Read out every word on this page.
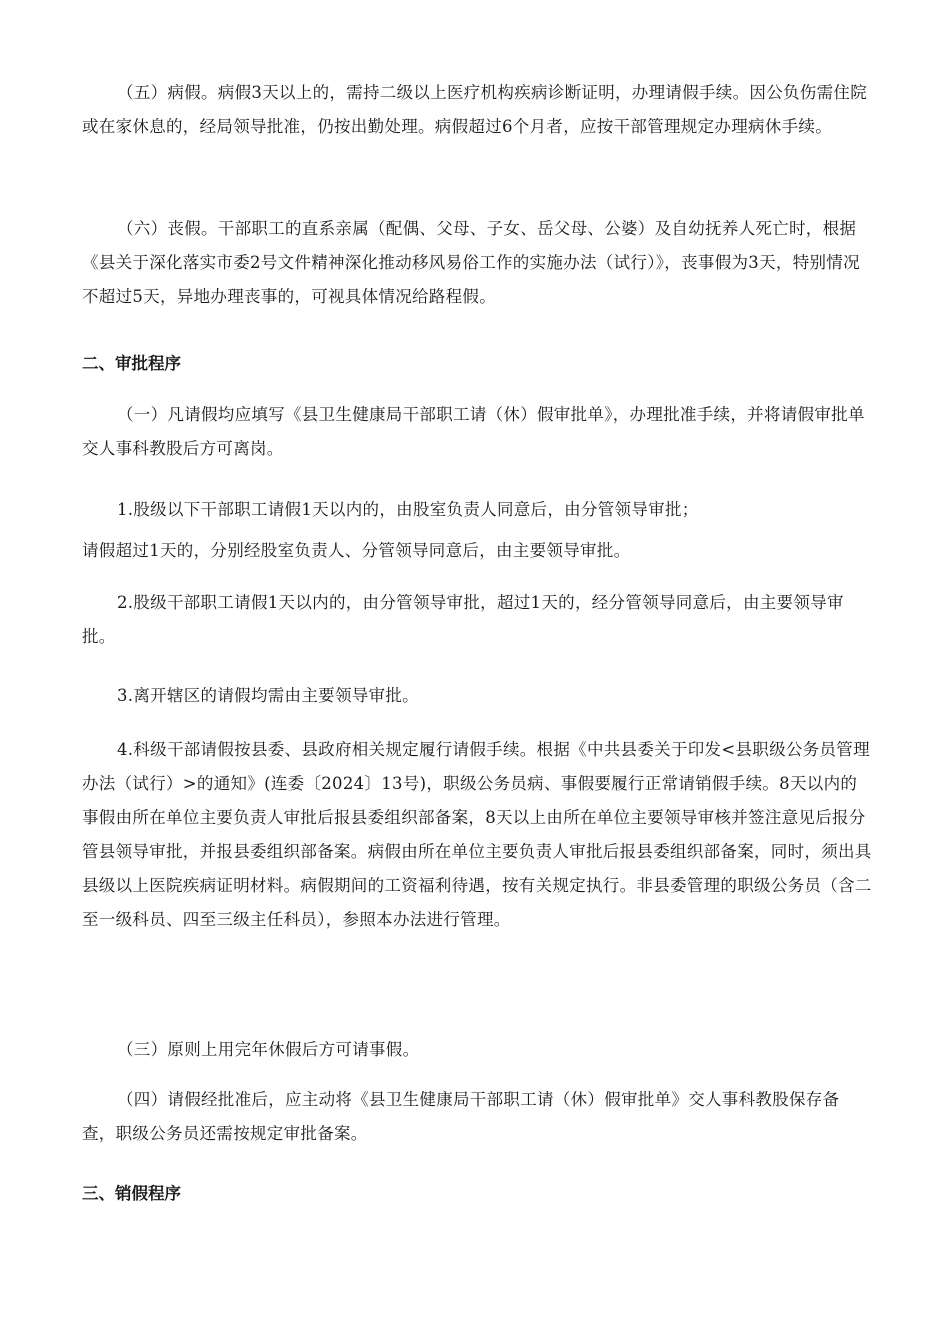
（五）病假。病假3天以上的，需持二级以上医疗机构疾病诊断证明，办理请假手续。因公负伤需住院或在家休息的，经局领导批准，仍按出勤处理。病假超过6个月者，应按干部管理规定办理病休手续。

（六）丧假。干部职工的直系亲属（配偶、父母、子女、岳父母、公婆）及自幼抚养人死亡时，根据《县关于深化落实市委2号文件精神深化推动移风易俗工作的实施办法（试行）》，丧事假为3天，特别情况不超过5天，异地办理丧事的，可视具体情况给路程假。

二、审批程序

（一）凡请假均应填写《县卫生健康局干部职工请（休）假审批单》，办理批准手续，并将请假审批单交人事科教股后方可离岗。

1.股级以下干部职工请假1天以内的，由股室负责人同意后，由分管领导审批；

请假超过1天的，分别经股室负责人、分管领导同意后，由主要领导审批。

2.股级干部职工请假1天以内的，由分管领导审批，超过1天的，经分管领导同意后，由主要领导审批。

3.离开辖区的请假均需由主要领导审批。

4.科级干部请假按县委、县政府相关规定履行请假手续。根据《中共县委关于印发<县职级公务员管理办法（试行）>的通知》(连委〔2024〕13号)，职级公务员病、事假要履行正常请销假手续。8天以内的事假由所在单位主要负责人审批后报县委组织部备案，8天以上由所在单位主要领导审核并签注意见后报分管县领导审批，并报县委组织部备案。病假由所在单位主要负责人审批后报县委组织部备案，同时，须出具县级以上医院疾病证明材料。病假期间的工资福利待遇，按有关规定执行。非县委管理的职级公务员（含二至一级科员、四至三级主任科员），参照本办法进行管理。

（三）原则上用完年休假后方可请事假。

（四）请假经批准后，应主动将《县卫生健康局干部职工请（休）假审批单》交人事科教股保存备查，职级公务员还需按规定审批备案。

三、销假程序
